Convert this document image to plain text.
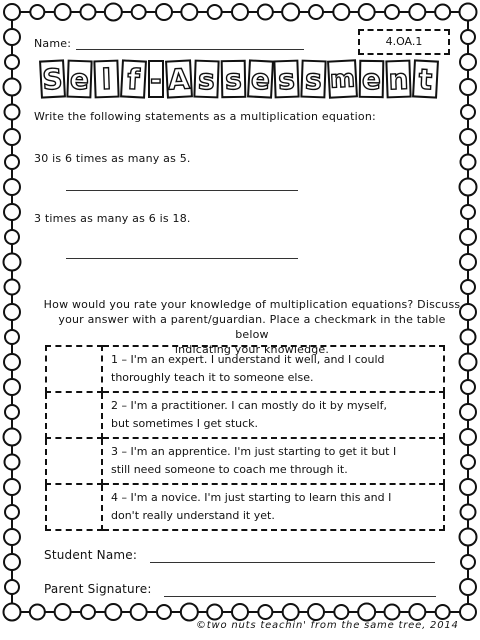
Name:	4.OA.1
S e l f - A s s e s s m e n t
Write the following statements as a multiplication equation:
30 is 6 times as many as 5.
3 times as many as 6 is 18.
How would you rate your knowledge of multiplication equations? Discuss
your answer with a parent/guardian. Place a checkmark in the table below
indicating your knowledge.

	1 – I'm an expert. I understand it well, and I could
thoroughly teach it to someone else.

	2 – I'm a practitioner. I can mostly do it by myself,
but sometimes I get stuck.

	3 – I'm an apprentice. I'm just starting to get it but I
still need someone to coach me through it.

	4 – I'm a novice. I'm just starting to learn this and I
don't really understand it yet.
Student Name:
Parent Signature:
©two nuts teachin' from the same tree, 2014
